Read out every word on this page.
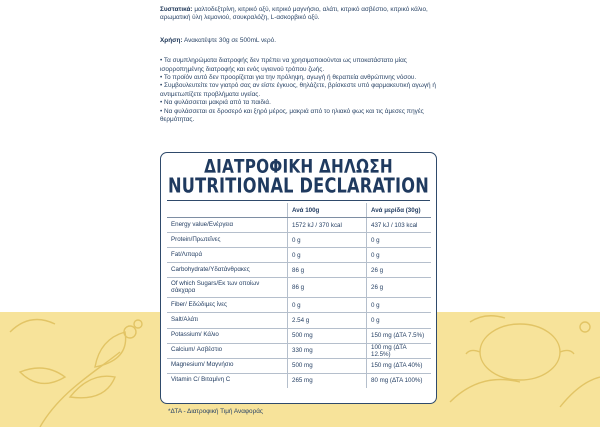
Συστατικά: μαλτοδεξτρίνη, κιτρικό οξύ, κιτρικό μαγνήσιο, αλάτι, κιτρικό ασβέστιο, κιτρικό κάλιο, αρωματική ύλη λεμονιού, σουκραλόζη, L-ασκορβικό οξύ.

Χρήση: Ανακατέψτε 30g σε 500mL νερό.

• Τα συμπληρώματα διατροφής δεν πρέπει να χρησιμοποιούνται ως υποκατάστατο μίας ισορροπημένης διατροφής και ενός υγιεινού τρόπου ζωής.

• Το προϊόν αυτό δεν προορίζεται για την πρόληψη, αγωγή ή θεραπεία ανθρώπινης νόσου.

• Συμβουλευτείτε τον γιατρό σας αν είστε έγκυος, θηλάζετε, βρίσκεστε υπό φαρμακευτική αγωγή ή αντιμετωπίζετε προβλήματα υγείας.

• Να φυλάσσεται μακριά από τα παιδιά.

• Να φυλάσσεται σε δροσερό και ξηρό μέρος, μακριά από το ηλιακό φως και τις άμεσες πηγές θερμότητας.

ΔΙΑΤΡΟΦΙΚΗ ΔΗΛΩΣΗ
NUTRITIONAL DECLARATION
	Ανά 100g	Ανά μερίδα (30g)
Energy value/Ενέργεια	1572 kJ / 370 kcal	437 kJ / 103 kcal
Protein/Πρωτεΐνες	0 g	0 g
Fat/Λιπαρά	0 g	0 g
Carbohydrate/Υδατάνθρακες	86 g	26 g
Of which Sugars/Εκ των οποίων σάκχαρα	86 g	26 g
Fiber/ Εδώδιμες ίνες	0 g	0 g
Salt/Αλάτι	2.54 g	0 g
Potassium/ Κάλιο	500 mg	150 mg (ΔΤΑ 7.5%)
Calcium/ Ασβέστιο	330 mg	100 mg (ΔΤΑ 12.5%)
Magnesium/ Μαγνήσιο	500 mg	150 mg (ΔΤΑ 40%)
Vitamin C/ Βιταμίνη C	265 mg	80 mg (ΔΤΑ 100%)
*ΔΤΑ - Διατροφική Τιμή Αναφοράς
